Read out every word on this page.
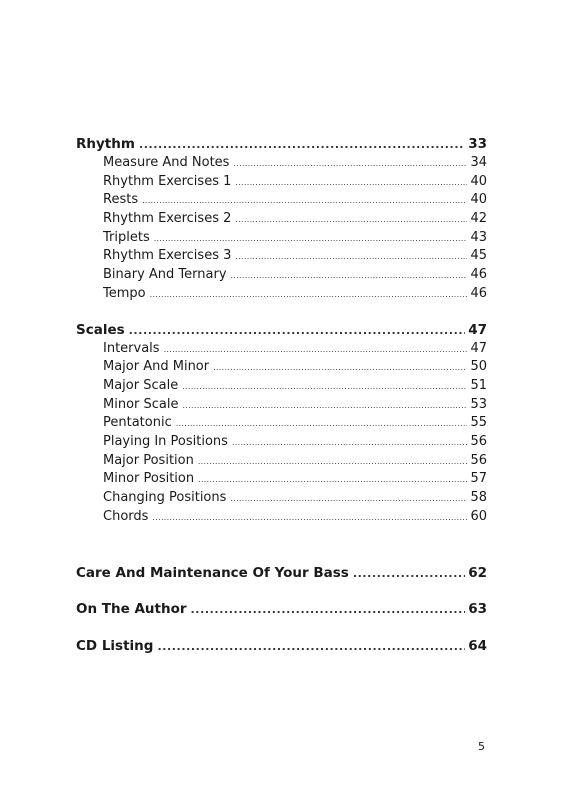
Rhythm .....	33
Measure And Notes .....	34
Rhythm Exercises 1 .....	40
Rests .....	40
Rhythm Exercises 2 .....	42
Triplets .....	43
Rhythm Exercises 3 .....	45
Binary And Ternary .....	46
Tempo .....	46
Scales .....	47
Intervals .....	47
Major And Minor .....	50
Major Scale .....	51
Minor Scale .....	53
Pentatonic .....	55
Playing In Positions .....	56
Major Position .....	56
Minor Position .....	57
Changing Positions .....	58
Chords .....	60
Care And Maintenance Of Your Bass .....	62
On The Author .....	63
CD Listing .....	64
5
